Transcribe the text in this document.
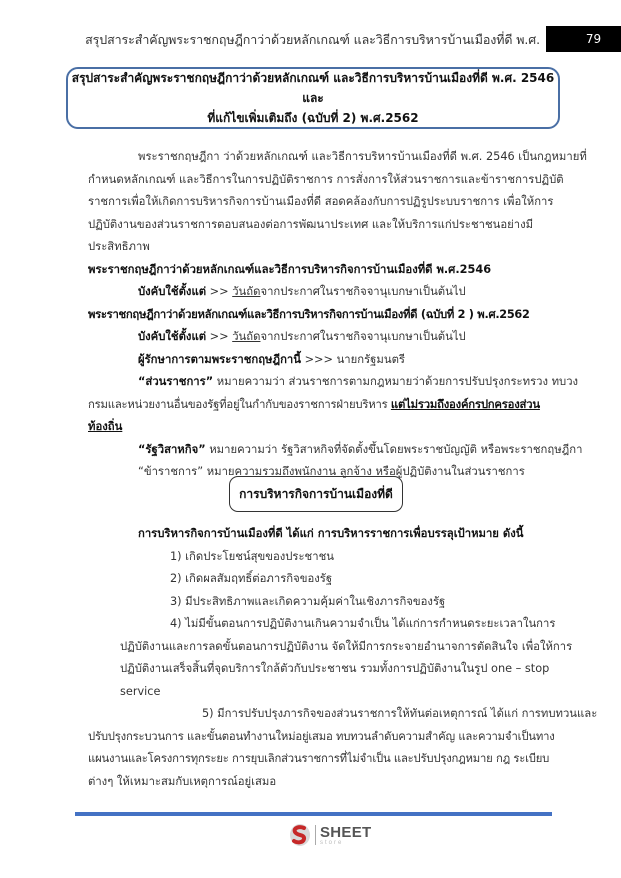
สรุปสาระสำคัญพระราชกฤษฎีกาว่าด้วยหลักเกณฑ์ และวิธีการบริหารบ้านเมืองที่ดี พ.ศ.	79
สรุปสาระสำคัญพระราชกฤษฎีกาว่าด้วยหลักเกณฑ์ และวิธีการบริหารบ้านเมืองที่ดี พ.ศ. 2546 และ
ที่แก้ไขเพิ่มเติมถึง (ฉบับที่ 2) พ.ศ.2562
พระราชกฤษฎีกา ว่าด้วยหลักเกณฑ์ และวิธีการบริหารบ้านเมืองที่ดี พ.ศ. 2546 เป็นกฎหมายที่
กำหนดหลักเกณฑ์ และวิธีการในการปฏิบัติราชการ การสั่งการให้ส่วนราชการและข้าราชการปฏิบัติ
ราชการเพื่อให้เกิดการบริหารกิจการบ้านเมืองที่ดี สอดคล้องกับการปฏิรูประบบราชการ เพื่อให้การ
ปฏิบัติงานของส่วนราชการตอบสนองต่อการพัฒนาประเทศ และให้บริการแก่ประชาชนอย่างมี
ประสิทธิภาพ
พระราชกฤษฎีกาว่าด้วยหลักเกณฑ์และวิธีการบริหารกิจการบ้านเมืองที่ดี พ.ศ.2546
บังคับใช้ตั้งแต่ >> วันถัดจากประกาศในราชกิจจานุเบกษาเป็นต้นไป
พระราชกฤษฎีกาว่าด้วยหลักเกณฑ์และวิธีการบริหารกิจการบ้านเมืองที่ดี (ฉบับที่ 2 ) พ.ศ.2562
บังคับใช้ตั้งแต่ >> วันถัดจากประกาศในราชกิจจานุเบกษาเป็นต้นไป
ผู้รักษาการตามพระราชกฤษฎีกานี้ >>> นายกรัฐมนตรี
“ส่วนราชการ” หมายความว่า ส่วนราชการตามกฎหมายว่าด้วยการปรับปรุงกระทรวง ทบวง
กรมและหน่วยงานอื่นของรัฐที่อยู่ในกำกับของราชการฝ่ายบริหาร แต่ไม่รวมถึงองค์กรปกครองส่วน
ท้องถิ่น
“รัฐวิสาหกิจ” หมายความว่า รัฐวิสาหกิจที่จัดตั้งขึ้นโดยพระราชบัญญัติ หรือพระราชกฤษฎีกา
“ข้าราชการ” หมายความรวมถึงพนักงาน ลูกจ้าง หรือผู้ปฏิบัติงานในส่วนราชการ
การบริหารกิจการบ้านเมืองที่ดี
การบริหารกิจการบ้านเมืองที่ดี ได้แก่ การบริหารราชการเพื่อบรรลุเป้าหมาย ดังนี้
1) เกิดประโยชน์สุขของประชาชน
2) เกิดผลสัมฤทธิ์ต่อภารกิจของรัฐ
3) มีประสิทธิภาพและเกิดความคุ้มค่าในเชิงภารกิจของรัฐ
4) ไม่มีขั้นตอนการปฏิบัติงานเกินความจำเป็น ได้แก่การกำหนดระยะเวลาในการ
ปฏิบัติงานและการลดขั้นตอนการปฏิบัติงาน จัดให้มีการกระจายอำนาจการตัดสินใจ เพื่อให้การ
ปฏิบัติงานเสร็จสิ้นที่จุดบริการใกล้ตัวกับประชาชน รวมทั้งการปฏิบัติงานในรูป one – stop
service
5) มีการปรับปรุงภารกิจของส่วนราชการให้ทันต่อเหตุการณ์ ได้แก่ การทบทวนและ
ปรับปรุงกระบวนการ และขั้นตอนทำงานใหม่อยู่เสมอ ทบทวนลำดับความสำคัญ และความจำเป็นทาง
แผนงานและโครงการทุกระยะ การยุบเลิกส่วนราชการที่ไม่จำเป็น และปรับปรุงกฎหมาย กฎ ระเบียบ
ต่างๆ ให้เหมาะสมกับเหตุการณ์อยู่เสมอ
SHEET
store
